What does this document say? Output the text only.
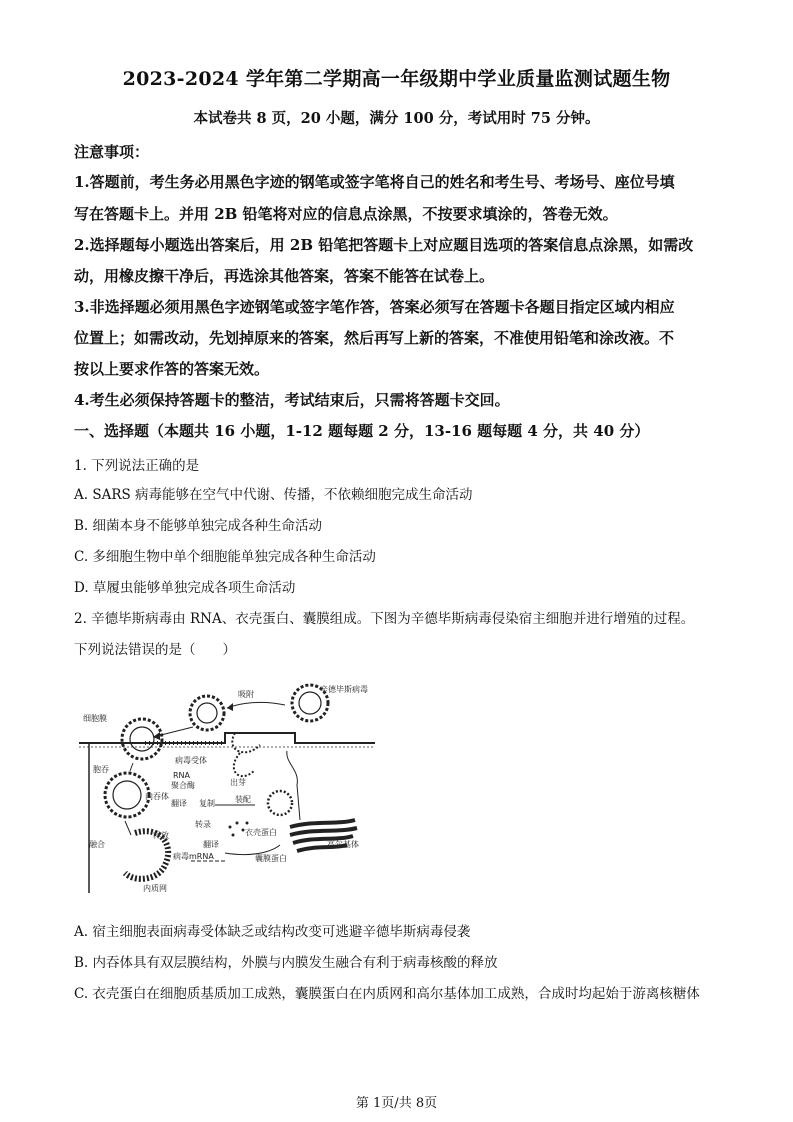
2023-2024 学年第二学期高一年级期中学业质量监测试题生物
本试卷共 8 页，20 小题，满分 100 分，考试用时 75 分钟。
注意事项：
1.答题前，考生务必用黑色字迹的钢笔或签字笔将自己的姓名和考生号、考场号、座位号填
写在答题卡上。并用 2B 铅笔将对应的信息点涂黑，不按要求填涂的，答卷无效。
2.选择题每小题选出答案后，用 2B 铅笔把答题卡上对应题目选项的答案信息点涂黑，如需改
动，用橡皮擦干净后，再选涂其他答案，答案不能答在试卷上。
3.非选择题必须用黑色字迹钢笔或签字笔作答，答案必须写在答题卡各题目指定区域内相应
位置上；如需改动，先划掉原来的答案，然后再写上新的答案，不准使用铅笔和涂改液。不
按以上要求作答的答案无效。
4.考生必须保持答题卡的整洁，考试结束后，只需将答题卡交回。
一、选择题（本题共 16 小题，1-12 题每题 2 分，13-16 题每题 4 分，共 40 分）
1. 下列说法正确的是
A. SARS 病毒能够在空气中代谢、传播，不依赖细胞完成生命活动
B. 细菌本身不能够单独完成各种生命活动
C. 多细胞生物中单个细胞能单独完成各种生命活动
D. 草履虫能够单独完成各项生命活动
2. 辛德毕斯病毒由 RNA、衣壳蛋白、囊膜组成。下图为辛德毕斯病毒侵染宿主细胞并进行增殖的过程。
下列说法错误的是（　　）
细胞膜
吸附
辛德毕斯病毒
病毒受体
胞吞
RNA
聚合酶
内吞体
翻译 复制
出芽
装配
转录
释放	衣壳蛋白
融合	翻译
病毒mRNA	囊膜蛋白
内质网
高尔基体
A. 宿主细胞表面病毒受体缺乏或结构改变可逃避辛德毕斯病毒侵袭
B. 内吞体具有双层膜结构，外膜与内膜发生融合有利于病毒核酸的释放
C. 衣壳蛋白在细胞质基质加工成熟，囊膜蛋白在内质网和高尔基体加工成熟，合成时均起始于游离核糖体
第 1页/共 8页
